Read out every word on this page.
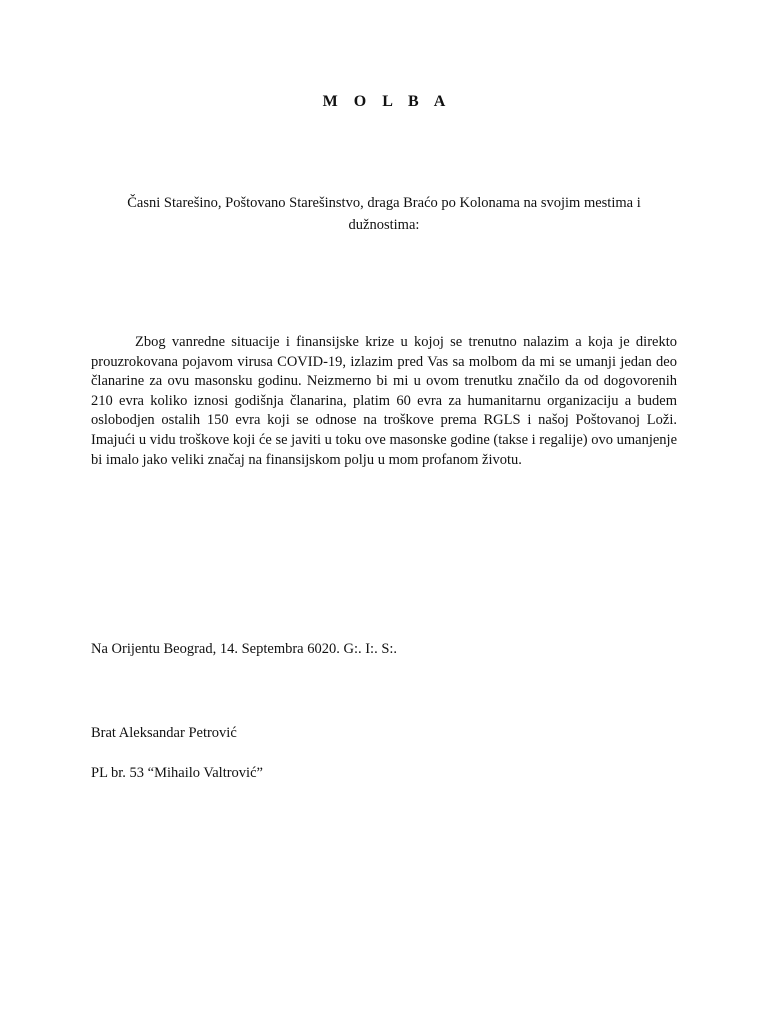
M O L B A
Časni Starešino, Poštovano Starešinstvo, draga Braćo po Kolonama na svojim mestima i dužnostima:

Zbog vanredne situacije i finansijske krize u kojoj se trenutno nalazim a koja je direkto prouzrokovana pojavom virusa COVID-19, izlazim pred Vas sa molbom da mi se umanji jedan deo članarine za ovu masonsku godinu. Neizmerno bi mi u ovom trenutku značilo da od dogovorenih 210 evra koliko iznosi godišnja članarina, platim 60 evra za humanitarnu organizaciju a budem oslobodjen ostalih 150 evra koji se odnose na troškove prema RGLS i našoj Poštovanoj Loži. Imajući u vidu troškove koji će se javiti u toku ove masonske godine (takse i regalije) ovo umanjenje bi imalo jako veliki značaj na finansijskom polju u mom profanom životu.

Na Orijentu Beograd, 14. Septembra 6020. G:. I:. S:.
Brat Aleksandar Petrović
PL br. 53 “Mihailo Valtrović”
